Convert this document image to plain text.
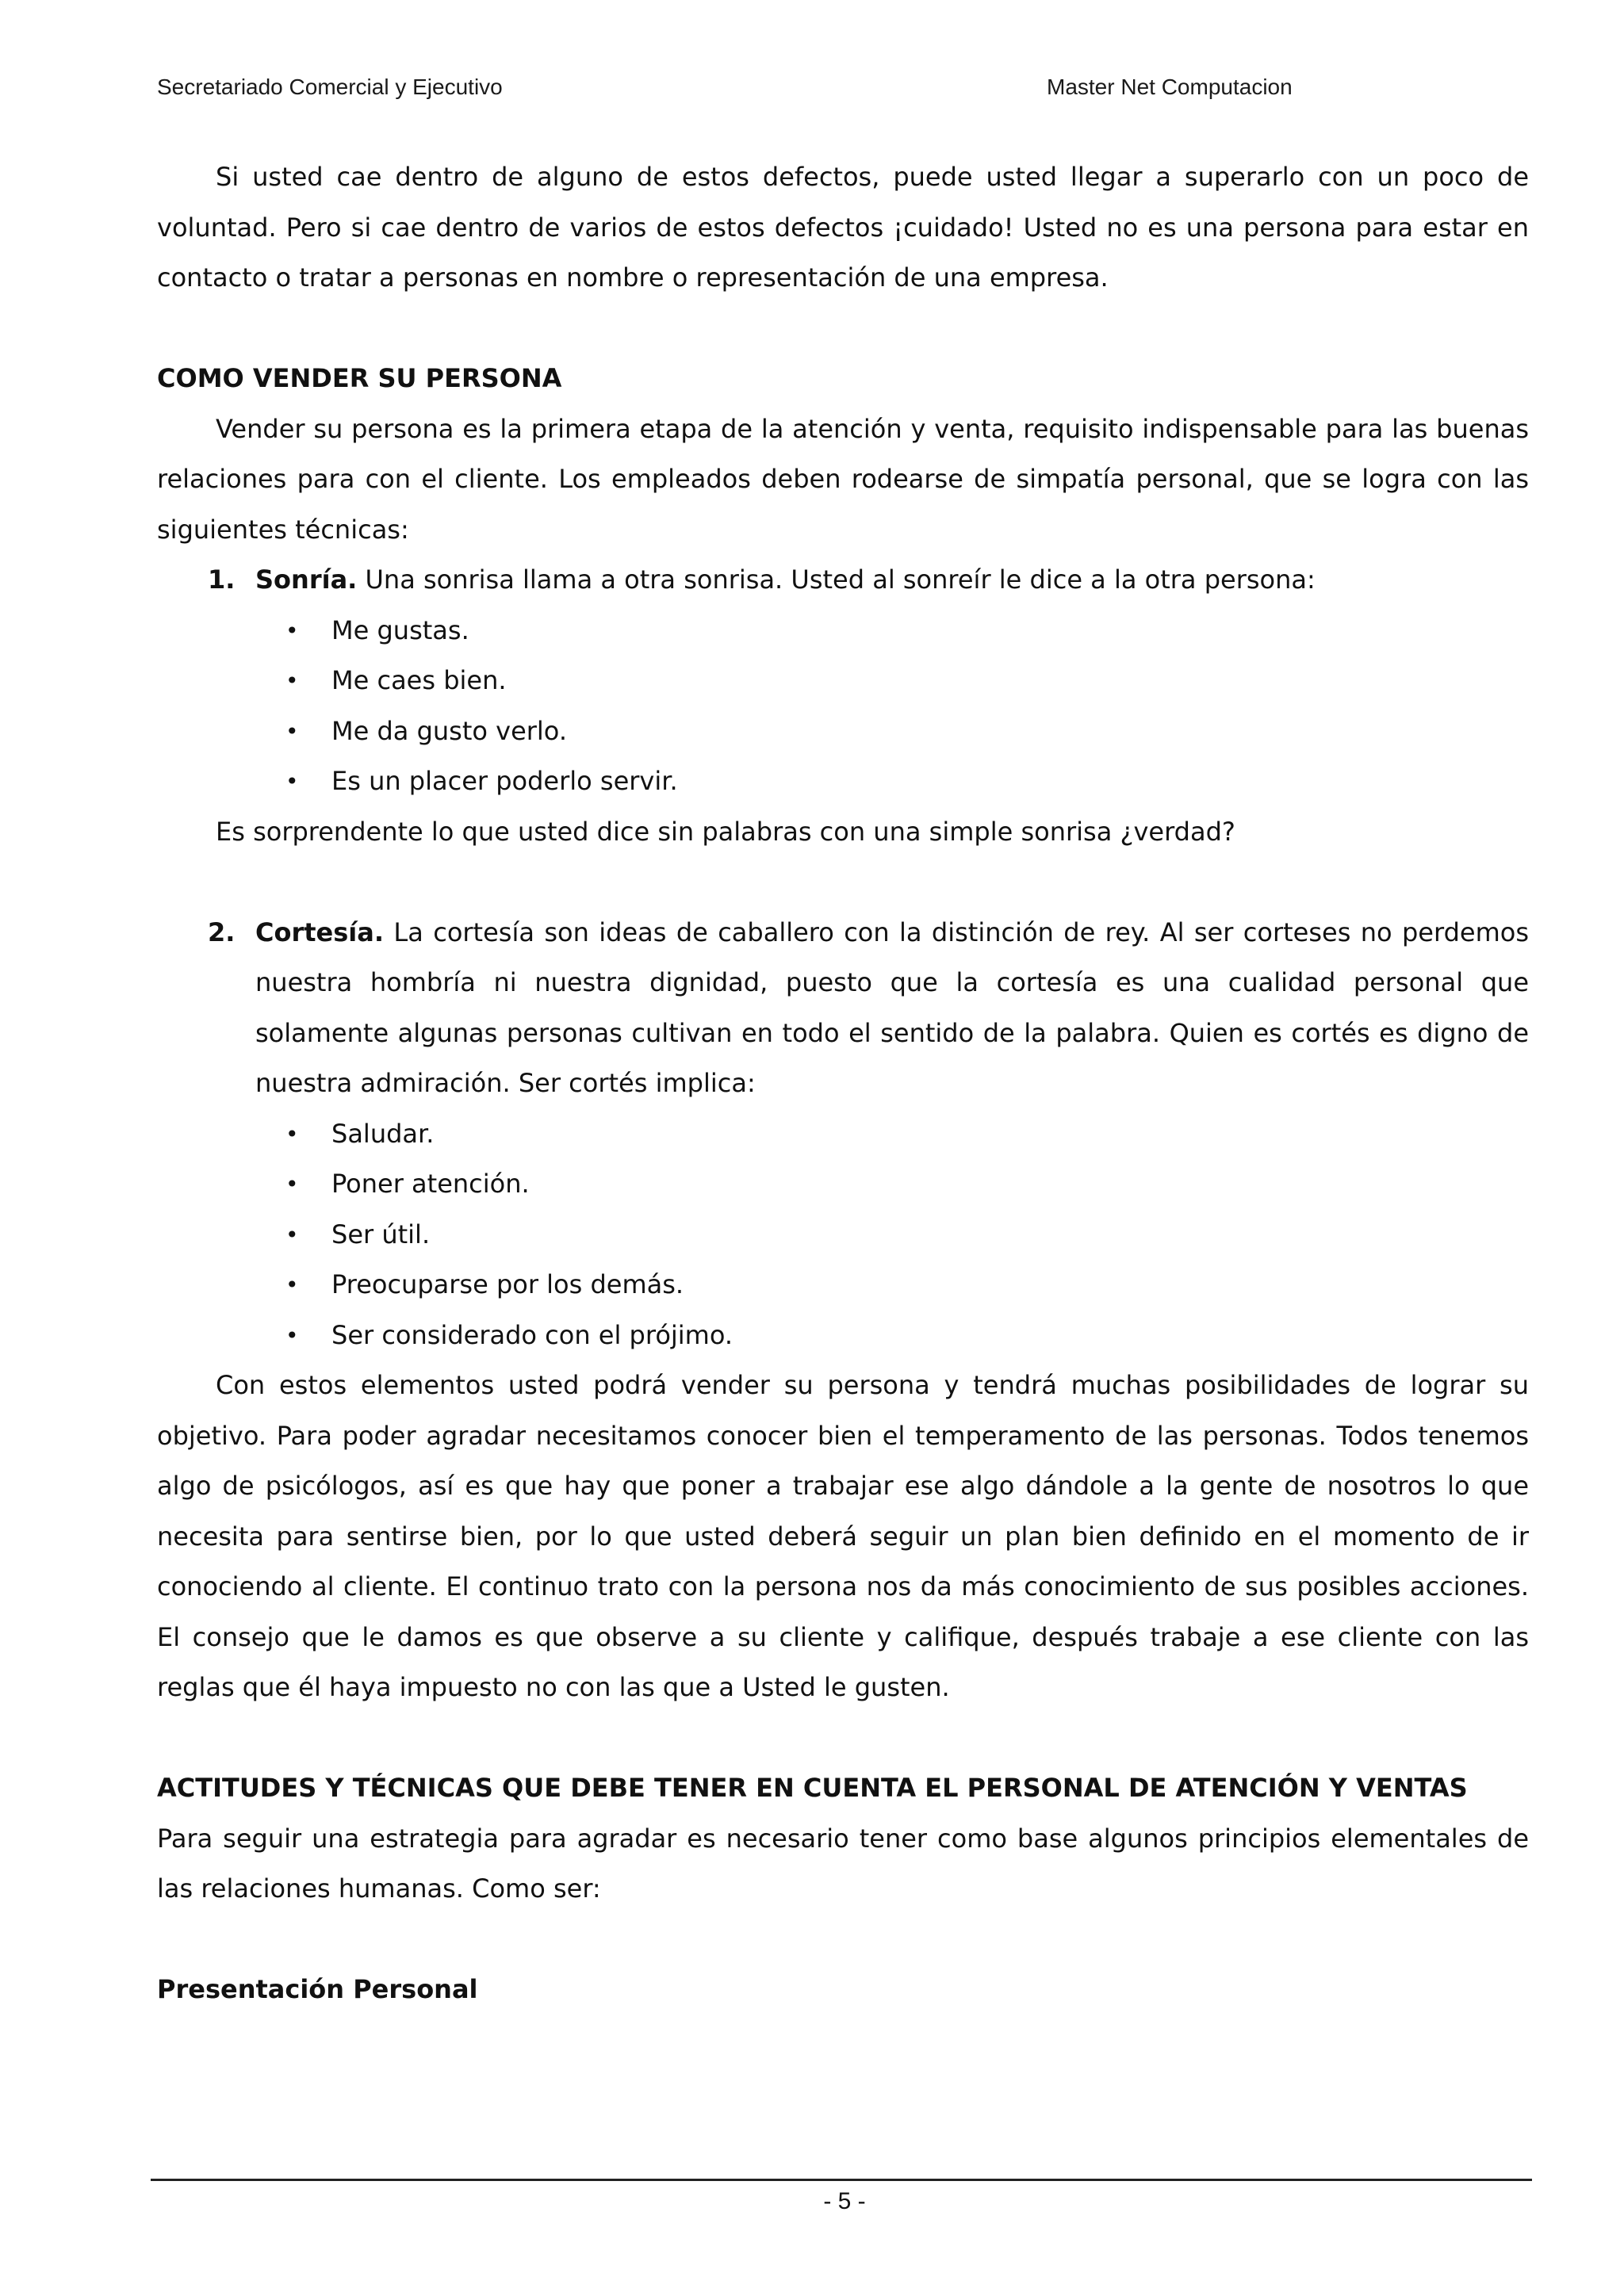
Secretariado Comercial y Ejecutivo	Master Net Computacion

Si usted cae dentro de alguno de estos defectos, puede usted llegar a superarlo con un poco de voluntad. Pero si cae dentro de varios de estos defectos ¡cuidado! Usted no es una persona para estar en contacto o tratar a personas en nombre o representación de una empresa.

COMO VENDER SU PERSONA

Vender su persona es la primera etapa de la atención y venta, requisito indispensable para las buenas relaciones para con el cliente. Los empleados deben rodearse de simpatía personal, que se logra con las siguientes técnicas:

1. Sonría. Una sonrisa llama a otra sonrisa. Usted al sonreír le dice a la otra persona:

• Me gustas.
• Me caes bien.
• Me da gusto verlo.
• Es un placer poderlo servir.

Es sorprendente lo que usted dice sin palabras con una simple sonrisa ¿verdad?

2. Cortesía. La cortesía son ideas de caballero con la distinción de rey. Al ser corteses no perdemos nuestra hombría ni nuestra dignidad, puesto que la cortesía es una cualidad personal que solamente algunas personas cultivan en todo el sentido de la palabra. Quien es cortés es digno de nuestra admiración. Ser cortés implica:

• Saludar.
• Poner atención.
• Ser útil.
• Preocuparse por los demás.
• Ser considerado con el prójimo.

Con estos elementos usted podrá vender su persona y tendrá muchas posibilidades de lograr su objetivo. Para poder agradar necesitamos conocer bien el temperamento de las personas. Todos tenemos algo de psicólogos, así es que hay que poner a trabajar ese algo dándole a la gente de nosotros lo que necesita para sentirse bien, por lo que usted deberá seguir un plan bien definido en el momento de ir conociendo al cliente. El continuo trato con la persona nos da más conocimiento de sus posibles acciones. El consejo que le damos es que observe a su cliente y califique, después trabaje a ese cliente con las reglas que él haya impuesto no con las que a Usted le gusten.

ACTITUDES Y TÉCNICAS QUE DEBE TENER EN CUENTA EL PERSONAL DE ATENCIÓN Y VENTAS

Para seguir una estrategia para agradar es necesario tener como base algunos principios elementales de las relaciones humanas. Como ser:

Presentación Personal

- 5 -
